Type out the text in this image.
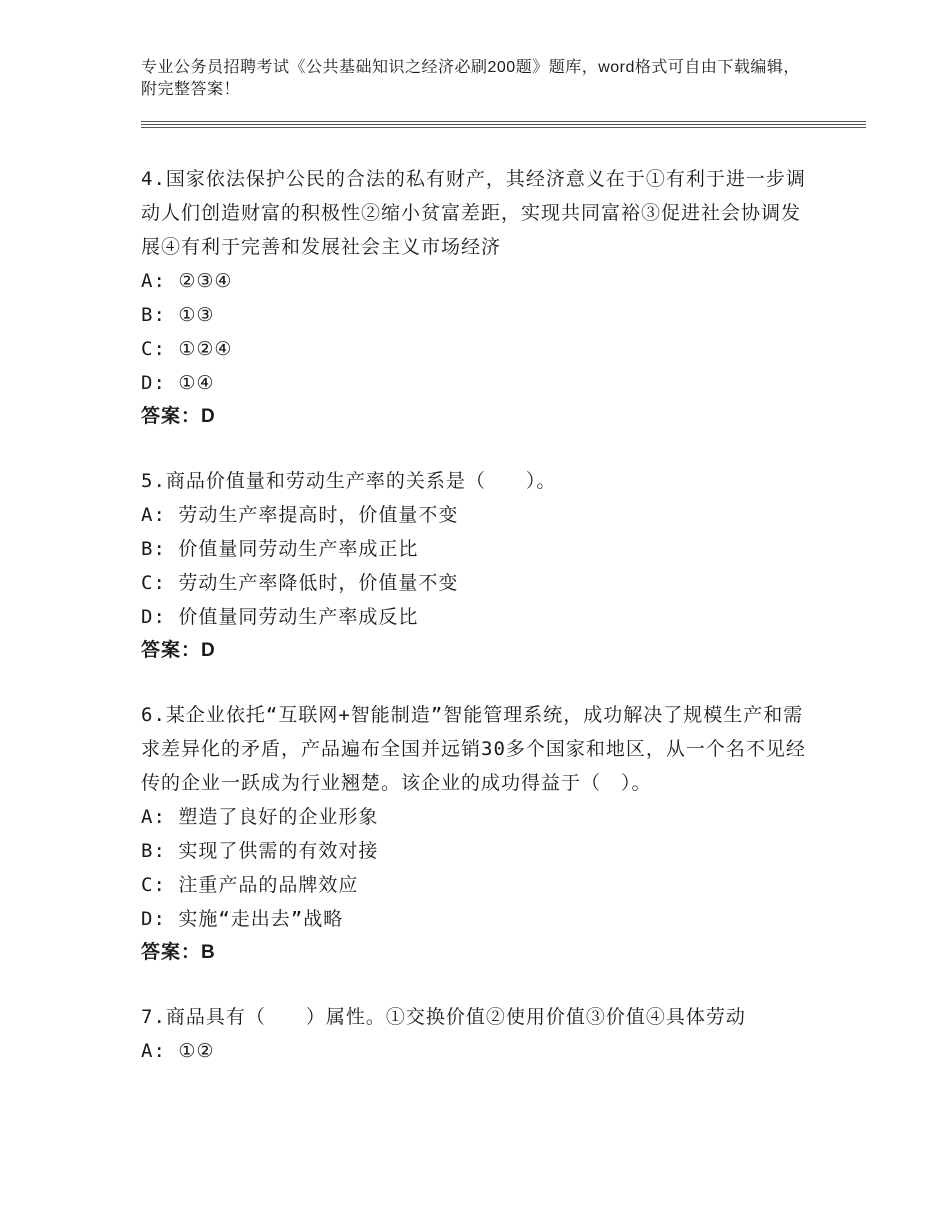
专业公务员招聘考试《公共基础知识之经济必刷200题》题库，word格式可自由下载编辑，附完整答案！

4.国家依法保护公民的合法的私有财产，其经济意义在于①有利于进一步调动人们创造财富的积极性②缩小贫富差距，实现共同富裕③促进社会协调发展④有利于完善和发展社会主义市场经济

A: ②③④

B: ①③

C: ①②④

D: ①④

答案：D

5.商品价值量和劳动生产率的关系是（　　）。

A: 劳动生产率提高时，价值量不变

B: 价值量同劳动生产率成正比

C: 劳动生产率降低时，价值量不变

D: 价值量同劳动生产率成反比

答案：D

6.某企业依托“互联网+智能制造”智能管理系统，成功解决了规模生产和需求差异化的矛盾，产品遍布全国并远销30多个国家和地区，从一个名不见经传的企业一跃成为行业翘楚。该企业的成功得益于（　）。

A: 塑造了良好的企业形象

B: 实现了供需的有效对接

C: 注重产品的品牌效应

D: 实施“走出去”战略

答案：B

7.商品具有（　　）属性。①交换价值②使用价值③价值④具体劳动

A: ①②
